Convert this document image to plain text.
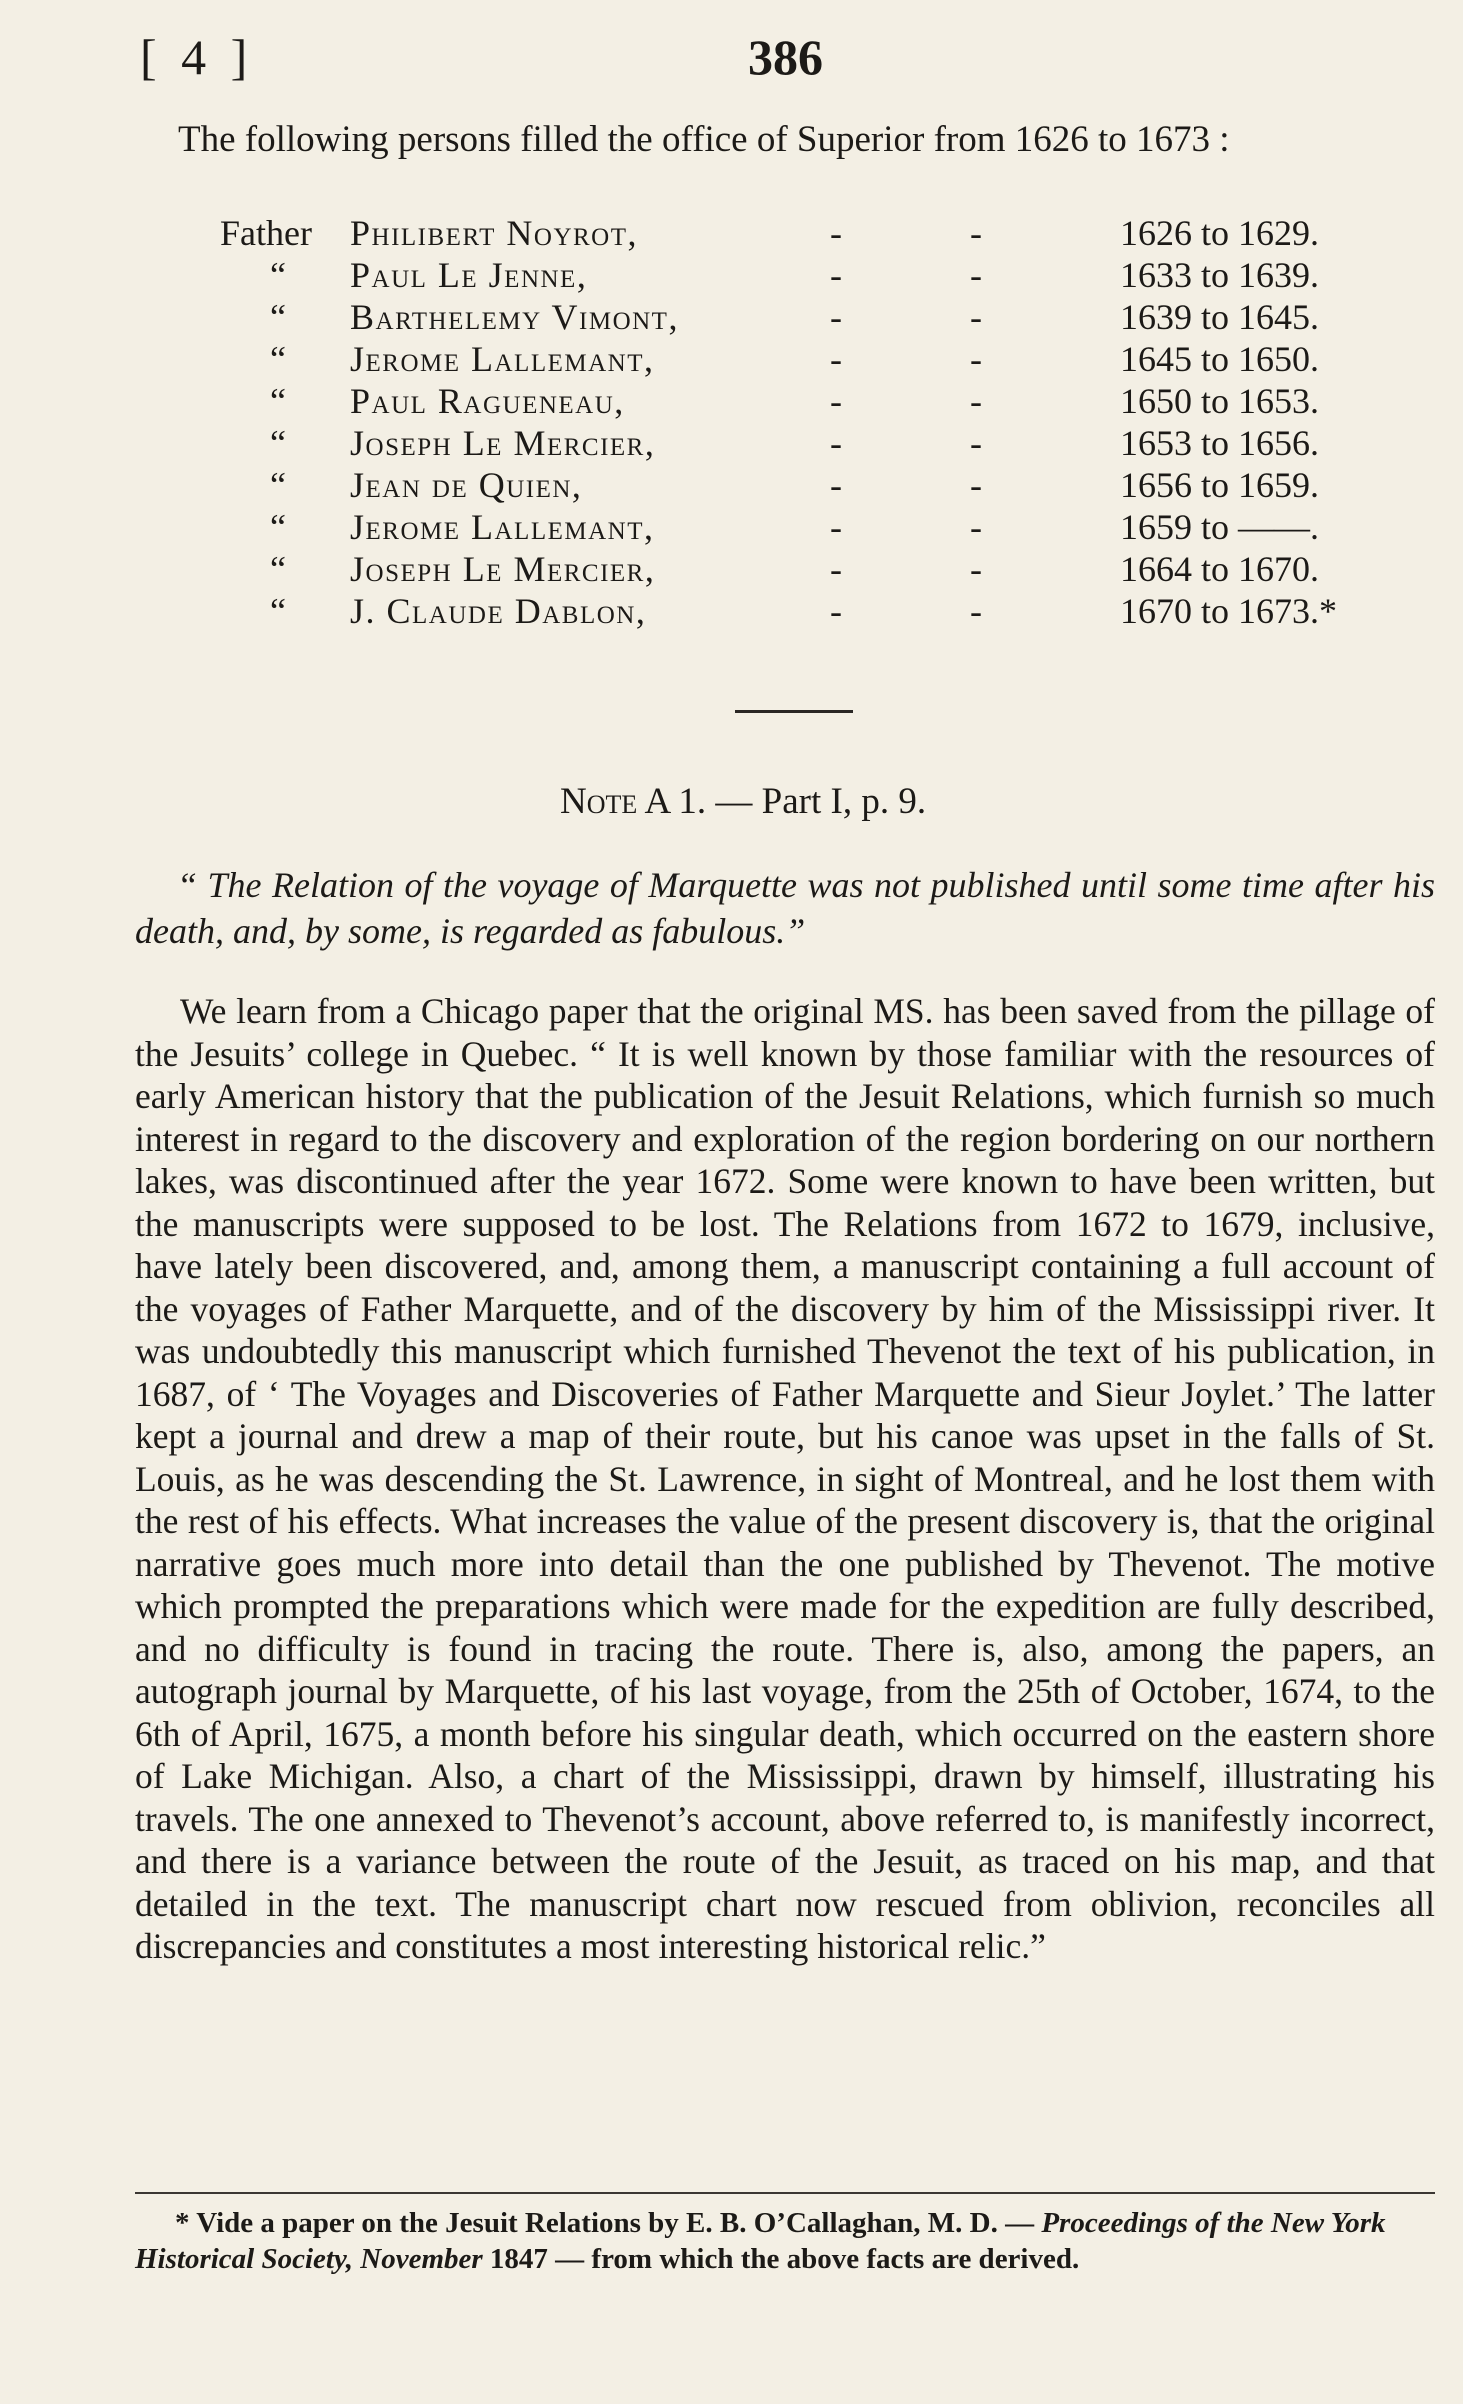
[ 4 ]	386
The following persons filled the office of Superior from 1626 to 1673 :
Father Philibert Noyrot,	-	-	1626 to 1629.
“ Paul Le Jenne,	-	-	1633 to 1639.
“ Barthelemy Vimont,	-	-	1639 to 1645.
“ Jerome Lallemant,	-	-	1645 to 1650.
“ Paul Ragueneau,	-	-	1650 to 1653.
“ Joseph Le Mercier,	-	-	1653 to 1656.
“ Jean de Quien,	-	-	1656 to 1659.
“ Jerome Lallemant,	-	-	1659 to ——.
“ Joseph Le Mercier,	-	-	1664 to 1670.
“ J. Claude Dablon,	-	-	1670 to 1673.*
Note A 1. — Part I, p. 9.
“ The Relation of the voyage of Marquette was not published until some time after his death, and, by some, is regarded as fabulous.”
We learn from a Chicago paper that the original MS. has been saved from the pillage of the Jesuits’ college in Quebec. “ It is well known by those familiar with the resources of early American history that the publication of the Jesuit Relations, which furnish so much interest in regard to the discovery and exploration of the region bordering on our northern lakes, was discontinued after the year 1672. Some were known to have been written, but the manuscripts were supposed to be lost. The Relations from 1672 to 1679, inclusive, have lately been discovered, and, among them, a manuscript containing a full account of the voyages of Father Marquette, and of the discovery by him of the Mississippi river. It was undoubtedly this manuscript which furnished Thevenot the text of his publication, in 1687, of ‘ The Voyages and Discoveries of Father Marquette and Sieur Joylet.’ The latter kept a journal and drew a map of their route, but his canoe was upset in the falls of St. Louis, as he was descending the St. Lawrence, in sight of Montreal, and he lost them with the rest of his effects. What increases the value of the present discovery is, that the original narrative goes much more into detail than the one published by Thevenot. The motive which prompted the preparations which were made for the expedition are fully described, and no difficulty is found in tracing the route. There is, also, among the papers, an autograph journal by Marquette, of his last voyage, from the 25th of October, 1674, to the 6th of April, 1675, a month before his singular death, which occurred on the eastern shore of Lake Michigan. Also, a chart of the Mississippi, drawn by himself, illustrating his travels. The one annexed to Thevenot’s account, above referred to, is manifestly incorrect, and there is a variance between the route of the Jesuit, as traced on his map, and that detailed in the text. The manuscript chart now rescued from oblivion, reconciles all discrepancies and constitutes a most interesting historical relic.”
* Vide a paper on the Jesuit Relations by E. B. O’Callaghan, M. D. — Proceedings of the New York Historical Society, November 1847 — from which the above facts are derived.
